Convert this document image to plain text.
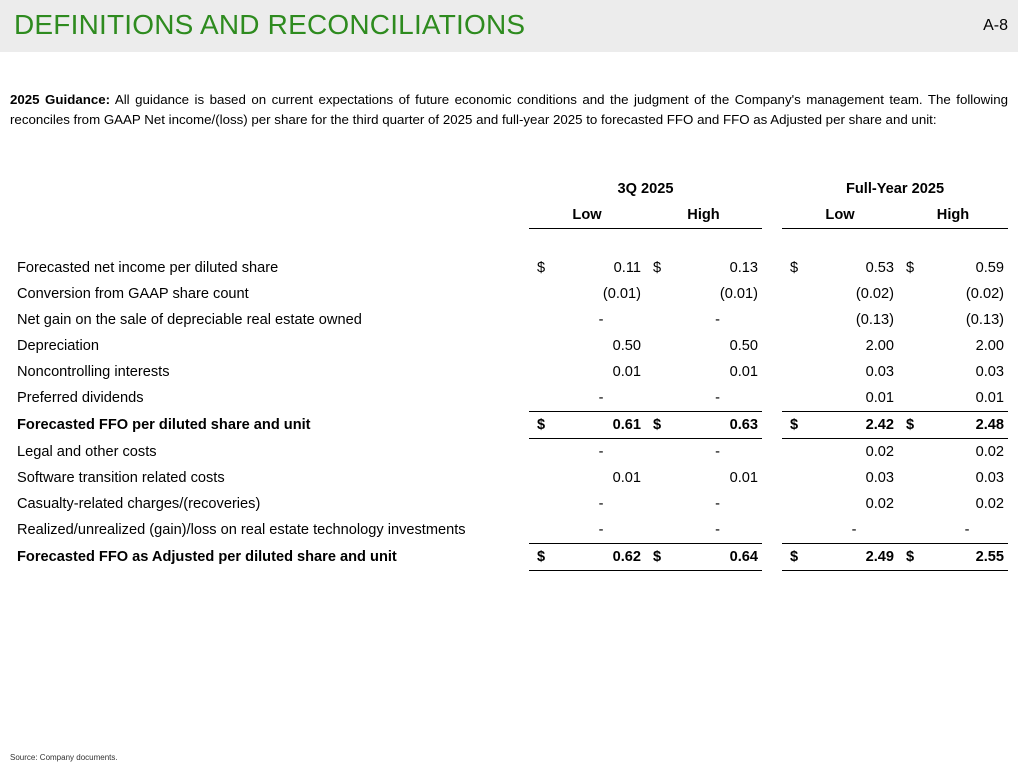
DEFINITIONS AND RECONCILIATIONS	A-8
2025 Guidance: All guidance is based on current expectations of future economic conditions and the judgment of the Company's management team. The following reconciles from GAAP Net income/(loss) per share for the third quarter of 2025 and full-year 2025 to forecasted FFO and FFO as Adjusted per share and unit:
	3Q 2025					Full-Year 2025			
	Low		High			Low		High	

Forecasted net income per diluted share	$	0.11	$	0.13		$	0.53	$	0.59
Conversion from GAAP share count		(0.01)		(0.01)			(0.02)		(0.02)
Net gain on the sale of depreciable real estate owned		-		-			(0.13)		(0.13)
Depreciation		0.50		0.50			2.00		2.00
Noncontrolling interests		0.01		0.01			0.03		0.03
Preferred dividends		-		-			0.01		0.01
Forecasted FFO per diluted share and unit	$	0.61	$	0.63		$	2.42	$	2.48
Legal and other costs		-		-			0.02		0.02
Software transition related costs		0.01		0.01			0.03		0.03
Casualty-related charges/(recoveries)		-		-			0.02		0.02
Realized/unrealized (gain)/loss on real estate technology investments		-		-			-		-
Forecasted FFO as Adjusted per diluted share and unit	$	0.62	$	0.64		$	2.49	$	2.55
Source: Company documents.
